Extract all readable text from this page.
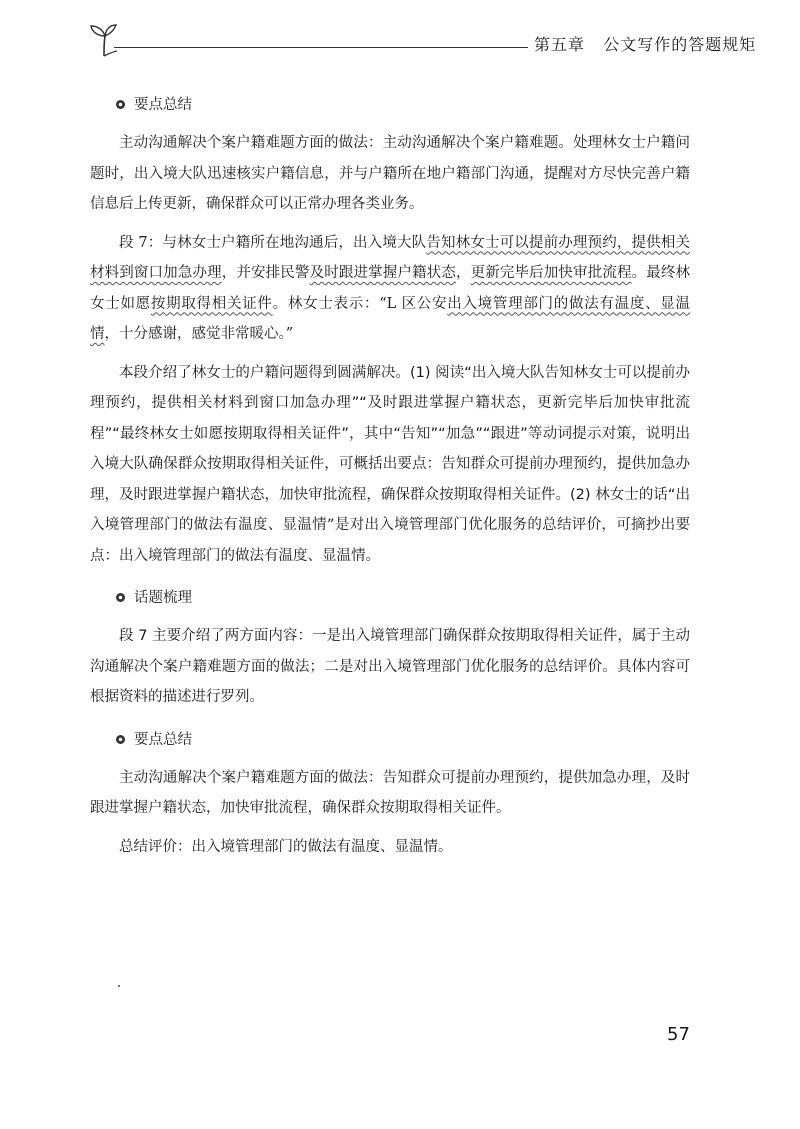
第五章 公文写作的答题规矩
要点总结

主动沟通解决个案户籍难题方面的做法：主动沟通解决个案户籍难题。处理林女士户籍问题时，出入境大队迅速核实户籍信息，并与户籍所在地户籍部门沟通，提醒对方尽快完善户籍信息后上传更新，确保群众可以正常办理各类业务。

段 7：与林女士户籍所在地沟通后，出入境大队告知林女士可以提前办理预约，提供相关材料到窗口加急办理，并安排民警及时跟进掌握户籍状态，更新完毕后加快审批流程。最终林女士如愿按期取得相关证件。林女士表示：“L 区公安出入境管理部门的做法有温度、显温情，十分感谢，感觉非常暖心。”

本段介绍了林女士的户籍问题得到圆满解决。(1) 阅读“出入境大队告知林女士可以提前办理预约，提供相关材料到窗口加急办理”“及时跟进掌握户籍状态，更新完毕后加快审批流程”“最终林女士如愿按期取得相关证件”，其中“告知”“加急”“跟进”等动词提示对策，说明出入境大队确保群众按期取得相关证件，可概括出要点：告知群众可提前办理预约，提供加急办理，及时跟进掌握户籍状态，加快审批流程，确保群众按期取得相关证件。(2) 林女士的话“出入境管理部门的做法有温度、显温情”是对出入境管理部门优化服务的总结评价，可摘抄出要点：出入境管理部门的做法有温度、显温情。

话题梳理

段 7 主要介绍了两方面内容：一是出入境管理部门确保群众按期取得相关证件，属于主动沟通解决个案户籍难题方面的做法；二是对出入境管理部门优化服务的总结评价。具体内容可根据资料的描述进行罗列。

要点总结

主动沟通解决个案户籍难题方面的做法：告知群众可提前办理预约，提供加急办理，及时跟进掌握户籍状态，加快审批流程，确保群众按期取得相关证件。

总结评价：出入境管理部门的做法有温度、显温情。

57
